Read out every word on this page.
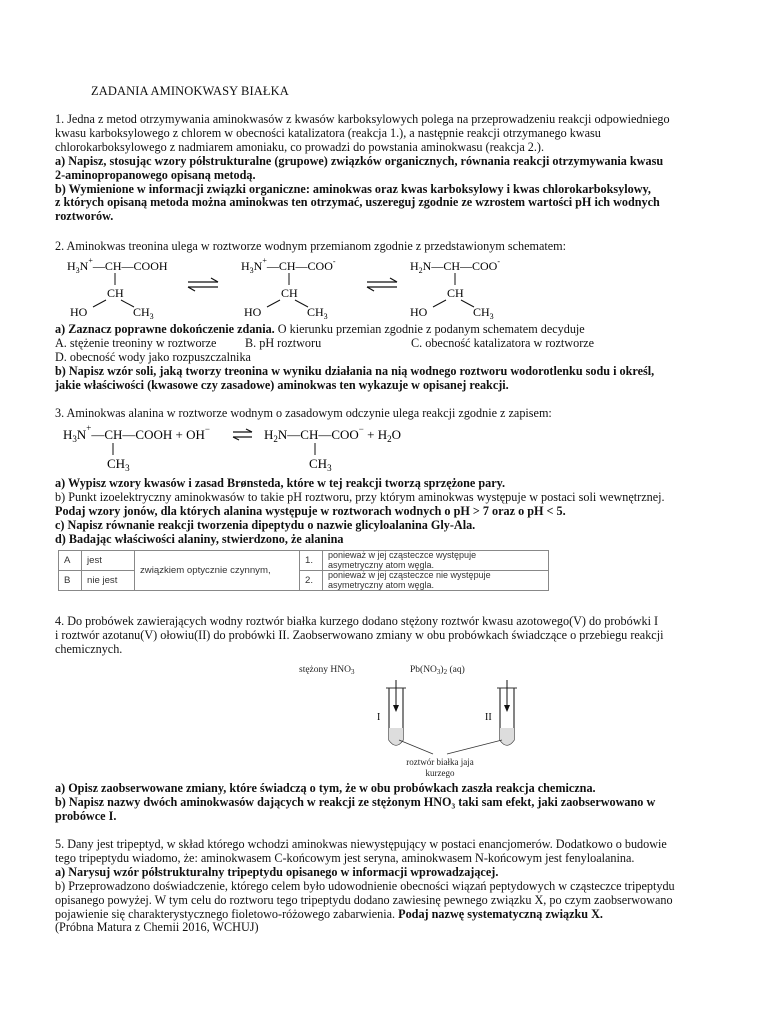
ZADANIA AMINOKWASY BIAŁKA
1. Jedna z metod otrzymywania aminokwasów z kwasów karboksylowych polega na przeprowadzeniu reakcji odpowiedniego
kwasu karboksylowego z chlorem w obecności katalizatora (reakcja 1.), a następnie reakcji otrzymanego kwasu
chlorokarboksylowego z nadmiarem amoniaku, co prowadzi do powstania aminokwasu (reakcja 2.).
a) Napisz, stosując wzory półstrukturalne (grupowe) związków organicznych, równania reakcji otrzymywania kwasu
2-aminopropanowego opisaną metodą.
b) Wymienione w informacji związki organiczne: aminokwas oraz kwas karboksylowy i kwas chlorokarboksylowy,
z których opisaną metoda można aminokwas ten otrzymać, uszereguj zgodnie ze wzrostem wartości pH ich wodnych
roztworów.
2. Aminokwas treonina ulega w roztworze wodnym przemianom zgodnie z przedstawionym schematem:
$H_3N^+—CH—COOH$
CH
HO	$CH_3$
$H_3N^+—CH—COO^-$
CH
HO	$CH_3$
$H_2N—CH—COO^-$
CH
HO	$CH_3$
a) Zaznacz poprawne dokończenie zdania. O kierunku przemian zgodnie z podanym schematem decyduje
A. stężenie treoniny w roztworze B. pH roztworu	C. obecność katalizatora w roztworze
D. obecność wody jako rozpuszczalnika
b) Napisz wzór soli, jaką tworzy treonina w wyniku działania na nią wodnego roztworu wodorotlenku sodu i określ,
jakie właściwości (kwasowe czy zasadowe) aminokwas ten wykazuje w opisanej reakcji.
3. Aminokwas alanina w roztworze wodnym o zasadowym odczynie ulega reakcji zgodnie z zapisem:
$H_3N^+—CH—COOH + OH^-$
$CH_3$
$H_2N—CH—COO^- + H_2O$
$CH_3$
a) Wypisz wzory kwasów i zasad Brønsteda, które w tej reakcji tworzą sprzężone pary.
b) Punkt izoelektryczny aminokwasów to takie pH roztworu, przy którym aminokwas występuje w postaci soli wewnętrznej.
Podaj wzory jonów, dla których alanina występuje w roztworach wodnych o pH > 7 oraz o pH < 5.
c) Napisz równanie reakcji tworzenia dipeptydu o nazwie glicyloalanina Gly-Ala.
d) Badając właściwości alaniny, stwierdzono, że alanina
A	jest	związkiem optycznie czynnym,	1.	ponieważ w jej cząsteczce występuje
asymetryczny atom węgla.
B	nie jest		2.	ponieważ w jej cząsteczce nie występuje
asymetryczny atom węgla.
4. Do probówek zawierających wodny roztwór białka kurzego dodano stężony roztwór kwasu azotowego(V) do probówki I
i roztwór azotanu(V) ołowiu(II) do probówki II. Zaobserwowano zmiany w obu probówkach świadczące o przebiegu reakcji
chemicznych.
stężony $HNO_3$	$Pb(NO_3)_2$ (aq)
I	II
roztwór białka jaja
kurzego
a) Opisz zaobserwowane zmiany, które świadczą o tym, że w obu probówkach zaszła reakcja chemiczna.
b) Napisz nazwy dwóch aminokwasów dających w reakcji ze stężonym HNO₃ taki sam efekt, jaki zaobserwowano w
probówce I.
5. Dany jest tripeptyd, w skład którego wchodzi aminokwas niewystępujący w postaci enancjomerów. Dodatkowo o budowie
tego tripeptydu wiadomo, że: aminokwasem C-końcowym jest seryna, aminokwasem N-końcowym jest fenyloalanina.
a) Narysuj wzór półstrukturalny tripeptydu opisanego w informacji wprowadzającej.
b) Przeprowadzono doświadczenie, którego celem było udowodnienie obecności wiązań peptydowych w cząsteczce tripeptydu
opisanego powyżej. W tym celu do roztworu tego tripeptydu dodano zawiesinę pewnego związku X, po czym zaobserwowano
pojawienie się charakterystycznego fioletowo-różowego zabarwienia. Podaj nazwę systematyczną związku X.
(Próbna Matura z Chemii 2016, WCHUJ)
